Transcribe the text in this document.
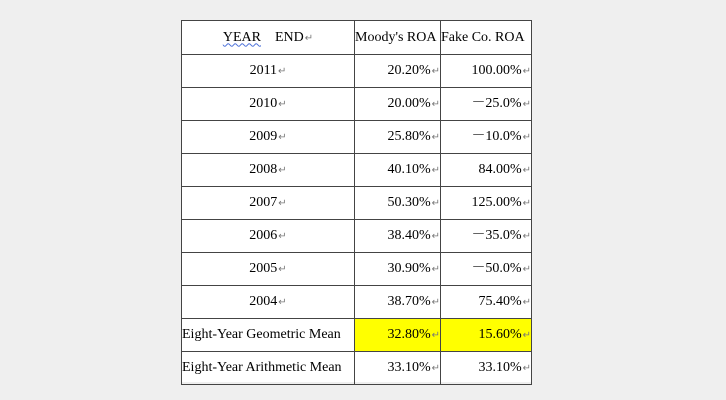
YEAR END↵	Moody's ROA	Fake Co. ROA
2011↵	20.20%↵	100.00%↵
2010↵	20.00%↵	－25.0%↵
2009↵	25.80%↵	－10.0%↵
2008↵	40.10%↵	84.00%↵
2007↵	50.30%↵	125.00%↵
2006↵	38.40%↵	－35.0%↵
2005↵	30.90%↵	－50.0%↵
2004↵	38.70%↵	75.40%↵
Eight-Year Geometric Mean	32.80%↵	15.60%↵
Eight-Year Arithmetic Mean	33.10%↵	33.10%↵
